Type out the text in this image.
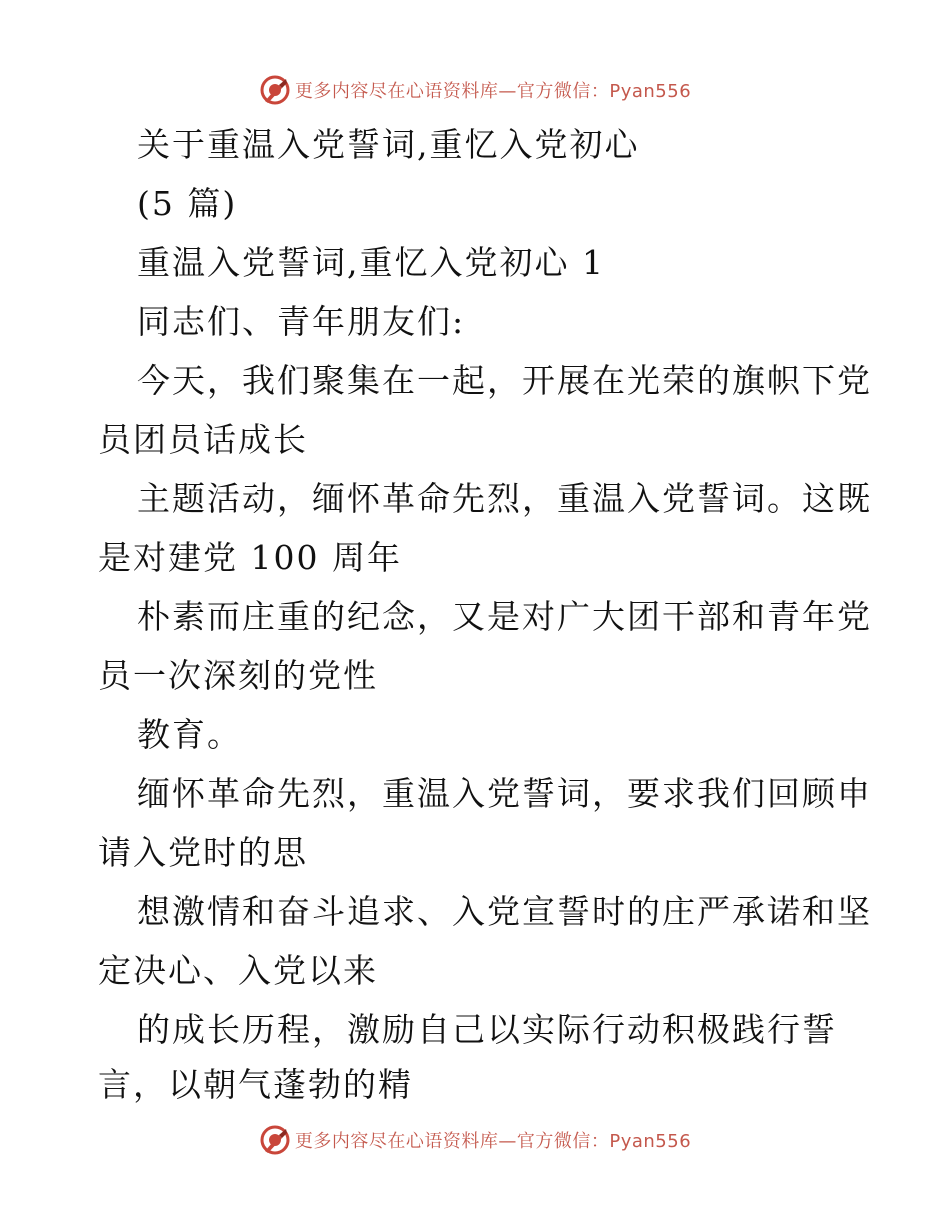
更多内容尽在心语资料库—官方微信：Pyan556
关于重温入党誓词,重忆入党初心
(5 篇)
重温入党誓词,重忆入党初心 1
同志们、青年朋友们:
今天，我们聚集在一起，开展在光荣的旗帜下党
员团员话成长
主题活动，缅怀革命先烈，重温入党誓词。这既
是对建党 100 周年
朴素而庄重的纪念，又是对广大团干部和青年党
员一次深刻的党性
教育。
缅怀革命先烈，重温入党誓词，要求我们回顾申
请入党时的思
想激情和奋斗追求、入党宣誓时的庄严承诺和坚
定决心、入党以来
的成长历程，激励自己以实际行动积极践行誓
言，以朝气蓬勃的精
更多内容尽在心语资料库—官方微信：Pyan556
